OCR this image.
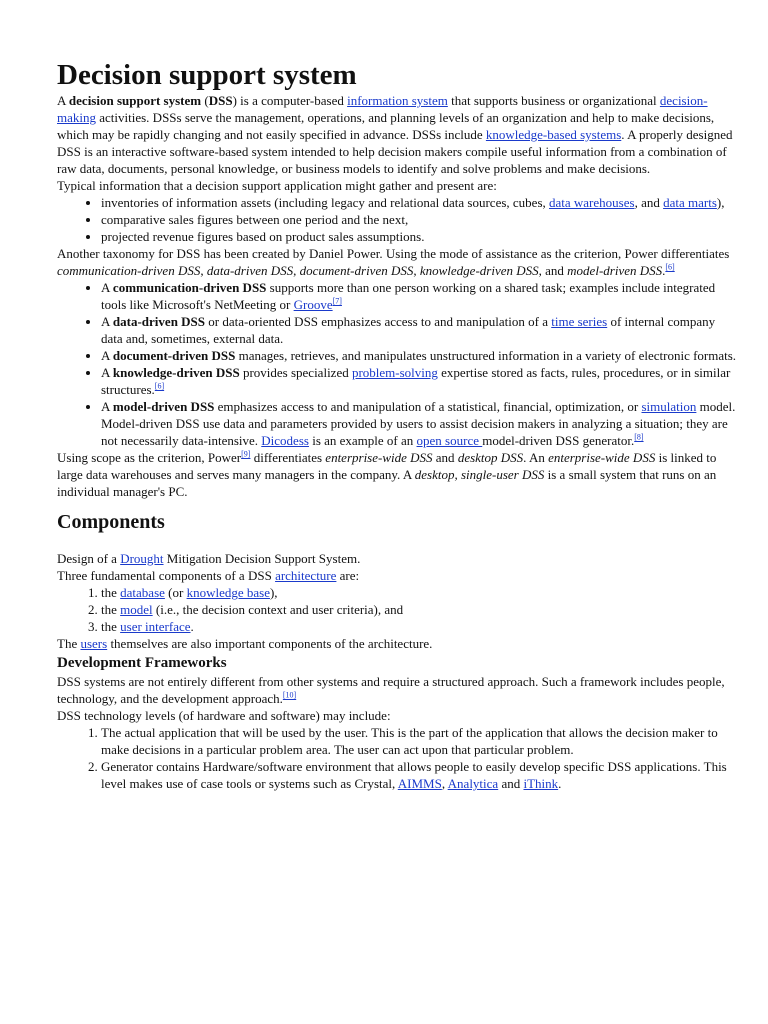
Decision support system

A decision support system (DSS) is a computer-based information system that supports business or organizational decision-making activities. DSSs serve the management, operations, and planning levels of an organization and help to make decisions, which may be rapidly changing and not easily specified in advance. DSSs include knowledge-based systems. A properly designed DSS is an interactive software-based system intended to help decision makers compile useful information from a combination of raw data, documents, personal knowledge, or business models to identify and solve problems and make decisions.

Typical information that a decision support application might gather and present are:

• inventories of information assets (including legacy and relational data sources, cubes, data warehouses, and data marts),
• comparative sales figures between one period and the next,
• projected revenue figures based on product sales assumptions.

Another taxonomy for DSS has been created by Daniel Power. Using the mode of assistance as the criterion, Power differentiates communication-driven DSS, data-driven DSS, document-driven DSS, knowledge-driven DSS, and model-driven DSS.[6]

• A communication-driven DSS supports more than one person working on a shared task; examples include integrated tools like Microsoft's NetMeeting or Groove[7]
• A data-driven DSS or data-oriented DSS emphasizes access to and manipulation of a time series of internal company data and, sometimes, external data.
• A document-driven DSS manages, retrieves, and manipulates unstructured information in a variety of electronic formats.
• A knowledge-driven DSS provides specialized problem-solving expertise stored as facts, rules, procedures, or in similar structures.[6]
• A model-driven DSS emphasizes access to and manipulation of a statistical, financial, optimization, or simulation model. Model-driven DSS use data and parameters provided by users to assist decision makers in analyzing a situation; they are not necessarily data-intensive. Dicodess is an example of an open source model-driven DSS generator.[8]

Using scope as the criterion, Power[9] differentiates enterprise-wide DSS and desktop DSS. An enterprise-wide DSS is linked to large data warehouses and serves many managers in the company. A desktop, single-user DSS is a small system that runs on an individual manager's PC.

Components

Design of a Drought Mitigation Decision Support System.

Three fundamental components of a DSS architecture are:

1. the database (or knowledge base),
2. the model (i.e., the decision context and user criteria), and
3. the user interface.

The users themselves are also important components of the architecture.

Development Frameworks

DSS systems are not entirely different from other systems and require a structured approach. Such a framework includes people, technology, and the development approach.[10]

DSS technology levels (of hardware and software) may include:

1. The actual application that will be used by the user. This is the part of the application that allows the decision maker to make decisions in a particular problem area. The user can act upon that particular problem.
2. Generator contains Hardware/software environment that allows people to easily develop specific DSS applications. This level makes use of case tools or systems such as Crystal, AIMMS, Analytica and iThink.
